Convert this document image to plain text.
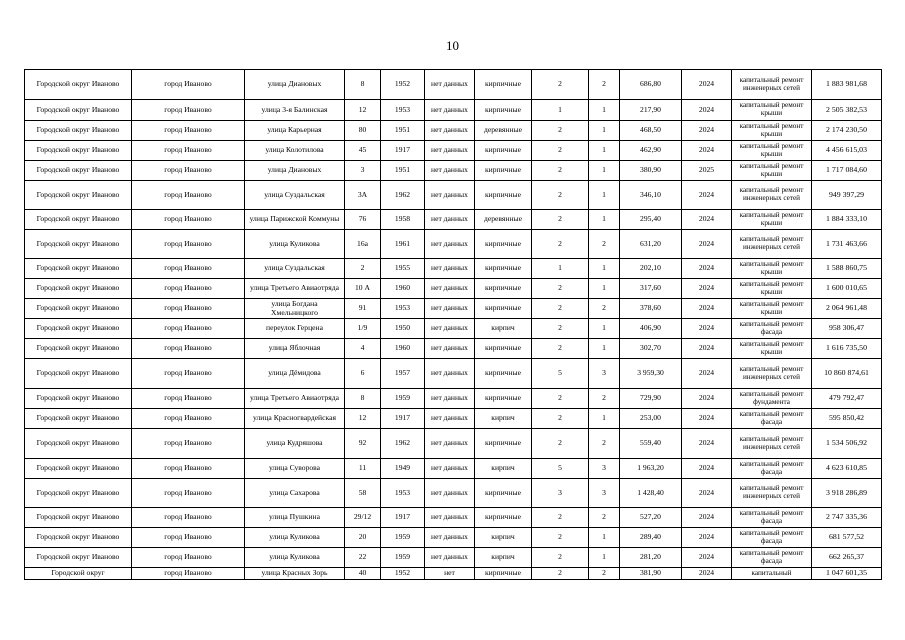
10
Городской округ Иваново	город Иваново	улица Диановых	8	1952	нет данных	кирпичные	2	2	686,80	2024	капитальный ремонт инженерных сетей	1 883 981,68
Городской округ Иваново	город Иваново	улица 3-я Балинская	12	1953	нет данных	кирпичные	1	1	217,90	2024	капитальный ремонт крыши	2 505 382,53
Городской округ Иваново	город Иваново	улица Карьерная	80	1951	нет данных	деревянные	2	1	468,50	2024	капитальный ремонт крыши	2 174 230,50
Городской округ Иваново	город Иваново	улица Колотилова	45	1917	нет данных	кирпичные	2	1	462,90	2024	капитальный ремонт крыши	4 456 615,03
Городской округ Иваново	город Иваново	улица Диановых	3	1951	нет данных	кирпичные	2	1	380,90	2025	капитальный ремонт крыши	1 717 084,60
Городской округ Иваново	город Иваново	улица Суздальская	3А	1962	нет данных	кирпичные	2	1	346,10	2024	капитальный ремонт инженерных сетей	949 397,29
Городской округ Иваново	город Иваново	улица Парижской Коммуны	76	1958	нет данных	деревянные	2	1	295,40	2024	капитальный ремонт крыши	1 884 333,10
Городской округ Иваново	город Иваново	улица Куликова	16а	1961	нет данных	кирпичные	2	2	631,20	2024	капитальный ремонт инженерных сетей	1 731 463,66
Городской округ Иваново	город Иваново	улица Суздальская	2	1955	нет данных	кирпичные	1	1	202,10	2024	капитальный ремонт крыши	1 588 860,75
Городской округ Иваново	город Иваново	улица Третьего Авиаотряда	10 А	1960	нет данных	кирпичные	2	1	317,60	2024	капитальный ремонт крыши	1 600 010,65
Городской округ Иваново	город Иваново	улица Богдана Хмельницкого	91	1953	нет данных	кирпичные	2	2	378,60	2024	капитальный ремонт крыши	2 064 961,48
Городской округ Иваново	город Иваново	переулок Герцена	1/9	1950	нет данных	кирпич	2	1	406,90	2024	капитальный ремонт фасада	958 306,47
Городской округ Иваново	город Иваново	улица Яблочная	4	1960	нет данных	кирпичные	2	1	302,70	2024	капитальный ремонт крыши	1 616 735,50
Городской округ Иваново	город Иваново	улица Дёмидова	6	1957	нет данных	кирпичные	5	3	3 959,30	2024	капитальный ремонт инженерных сетей	10 860 874,61
Городской округ Иваново	город Иваново	улица Третьего Авиаотряда	8	1959	нет данных	кирпичные	2	2	729,90	2024	капитальный ремонт фундамента	479 792,47
Городской округ Иваново	город Иваново	улица Красногвардейская	12	1917	нет данных	кирпич	2	1	253,00	2024	капитальный ремонт фасада	595 850,42
Городской округ Иваново	город Иваново	улица Кудряшова	92	1962	нет данных	кирпичные	2	2	559,40	2024	капитальный ремонт инженерных сетей	1 534 506,92
Городской округ Иваново	город Иваново	улица Суворова	11	1949	нет данных	кирпич	5	3	1 963,20	2024	капитальный ремонт фасада	4 623 610,85
Городской округ Иваново	город Иваново	улица Сахарова	58	1953	нет данных	кирпичные	3	3	1 428,40	2024	капитальный ремонт инженерных сетей	3 918 286,89
Городской округ Иваново	город Иваново	улица Пушкина	29/12	1917	нет данных	кирпичные	2	2	527,20	2024	капитальный ремонт фасада	2 747 335,36
Городской округ Иваново	город Иваново	улица Куликова	20	1959	нет данных	кирпич	2	1	289,40	2024	капитальный ремонт фасада	681 577,52
Городской округ Иваново	город Иваново	улица Куликова	22	1959	нет данных	кирпич	2	1	281,20	2024	капитальный ремонт фасада	662 265,37
Городской округ	город Иваново	улица Красных Зорь	40	1952	нет	кирпичные	2	2	381,90	2024	капитальный	1 047 601,35
